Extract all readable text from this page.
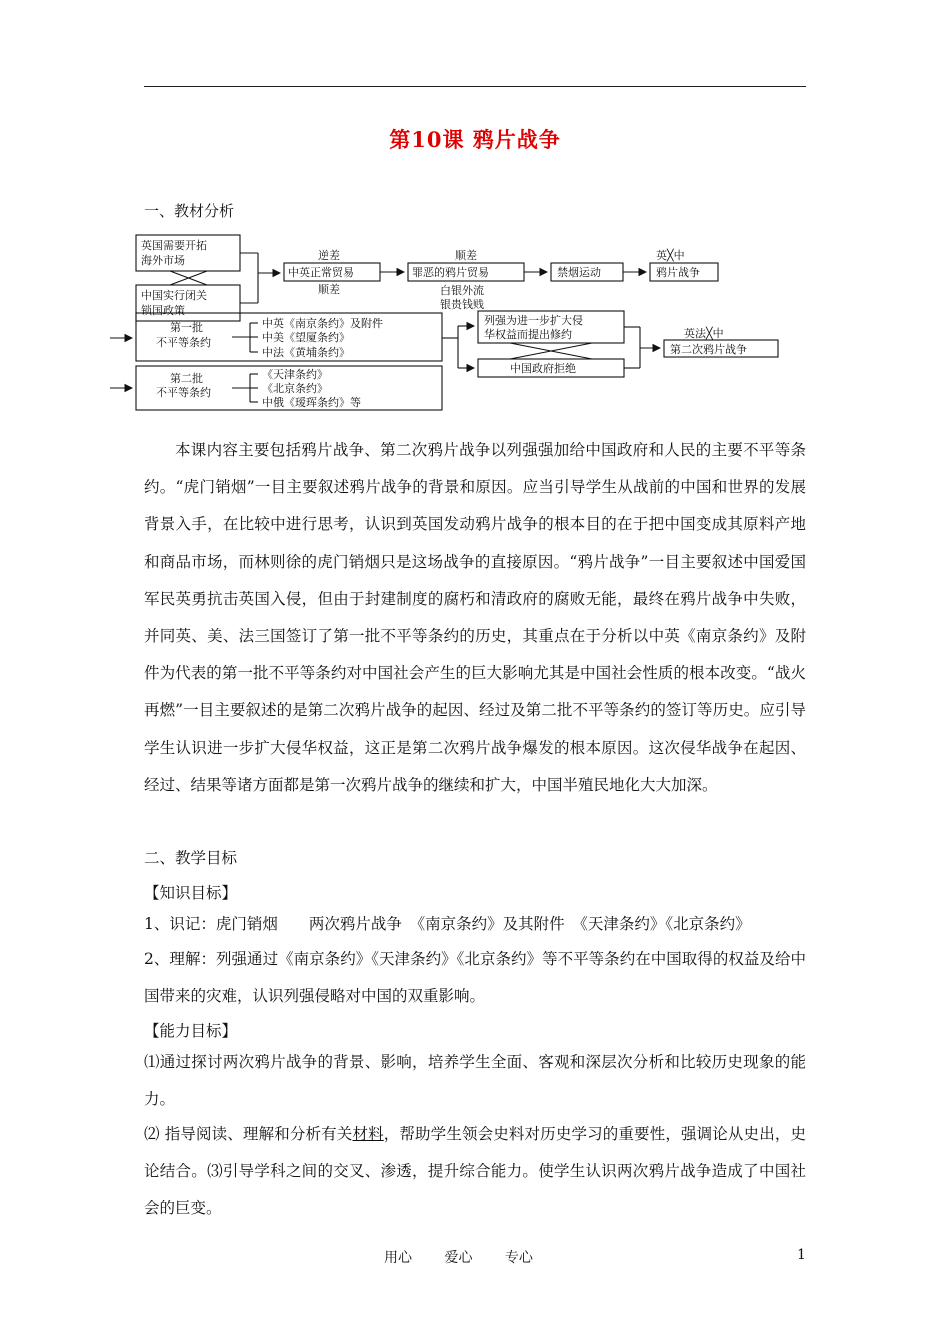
第10课 鸦片战争
一、教材分析
英国需要开拓
海外市场
中国实行闭关
锁国政策
逆差
中英正常贸易
顺差
顺差
罪恶的鸦片贸易
白银外流
银贵钱贱
禁烟运动
英╳中
鸦片战争
第一批
不平等条约
中英《南京条约》及附件
中美《望厦条约》
中法《黄埔条约》
列强为进一步扩大侵
华权益而提出修约
中国政府拒绝
英法╳中
第二次鸦片战争
第二批
不平等条约
《天津条约》
《北京条约》
中俄《瑷珲条约》等

本课内容主要包括鸦片战争、第二次鸦片战争以列强强加给中国政府和人民的主要不平等条约。“虎门销烟”一目主要叙述鸦片战争的背景和原因。应当引导学生从战前的中国和世界的发展背景入手，在比较中进行思考，认识到英国发动鸦片战争的根本目的在于把中国变成其原料产地和商品市场，而林则徐的虎门销烟只是这场战争的直接原因。“鸦片战争”一目主要叙述中国爱国军民英勇抗击英国入侵，但由于封建制度的腐朽和清政府的腐败无能，最终在鸦片战争中失败，并同英、美、法三国签订了第一批不平等条约的历史，其重点在于分析以中英《南京条约》及附件为代表的第一批不平等条约对中国社会产生的巨大影响尤其是中国社会性质的根本改变。“战火再燃”一目主要叙述的是第二次鸦片战争的起因、经过及第二批不平等条约的签订等历史。应引导学生认识进一步扩大侵华权益，这正是第二次鸦片战争爆发的根本原因。这次侵华战争在起因、经过、结果等诸方面都是第一次鸦片战争的继续和扩大，中国半殖民地化大大加深。

二、教学目标
【知识目标】
1、识记：虎门销烟　　两次鸦片战争　《南京条约》及其附件　《天津条约》《北京条约》
2、理解：列强通过《南京条约》《天津条约》《北京条约》等不平等条约在中国取得的权益及给中国带来的灾难，认识列强侵略对中国的双重影响。
【能力目标】
⑴通过探讨两次鸦片战争的背景、影响，培养学生全面、客观和深层次分析和比较历史现象的能力。
⑵ 指导阅读、理解和分析有关材料，帮助学生领会史料对历史学习的重要性，强调论从史出，史论结合。⑶引导学科之间的交叉、渗透，提升综合能力。使学生认识两次鸦片战争造成了中国社会的巨变。
用心 爱心 专心	1
